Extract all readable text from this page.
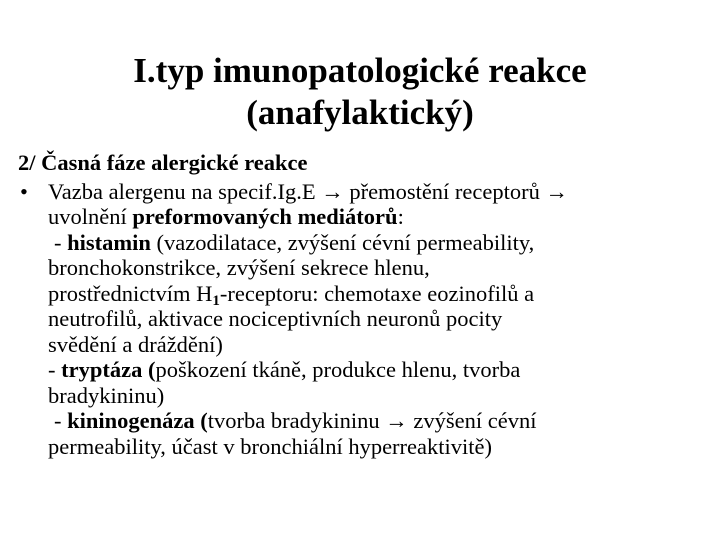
I.typ imunopatologické reakce
(anafylaktický)

2/ Časná fáze alergické reakce

• Vazba alergenu na specif.Ig.E → přemostění receptorů →
uvolnění preformovaných mediátorů:
- histamin (vazodilatace, zvýšení cévní permeability,
bronchokonstrikce, zvýšení sekrece hlenu,
prostřednictvím $H_1$-receptoru: chemotaxe eozinofilů a
neutrofilů, aktivace nociceptivních neuronů pocity
svědění a dráždění)
- tryptáza (poškození tkáně, produkce hlenu, tvorba
bradykininu)
- kininogenáza (tvorba bradykininu → zvýšení cévní
permeability, účast v bronchiální hyperreaktivitě)
